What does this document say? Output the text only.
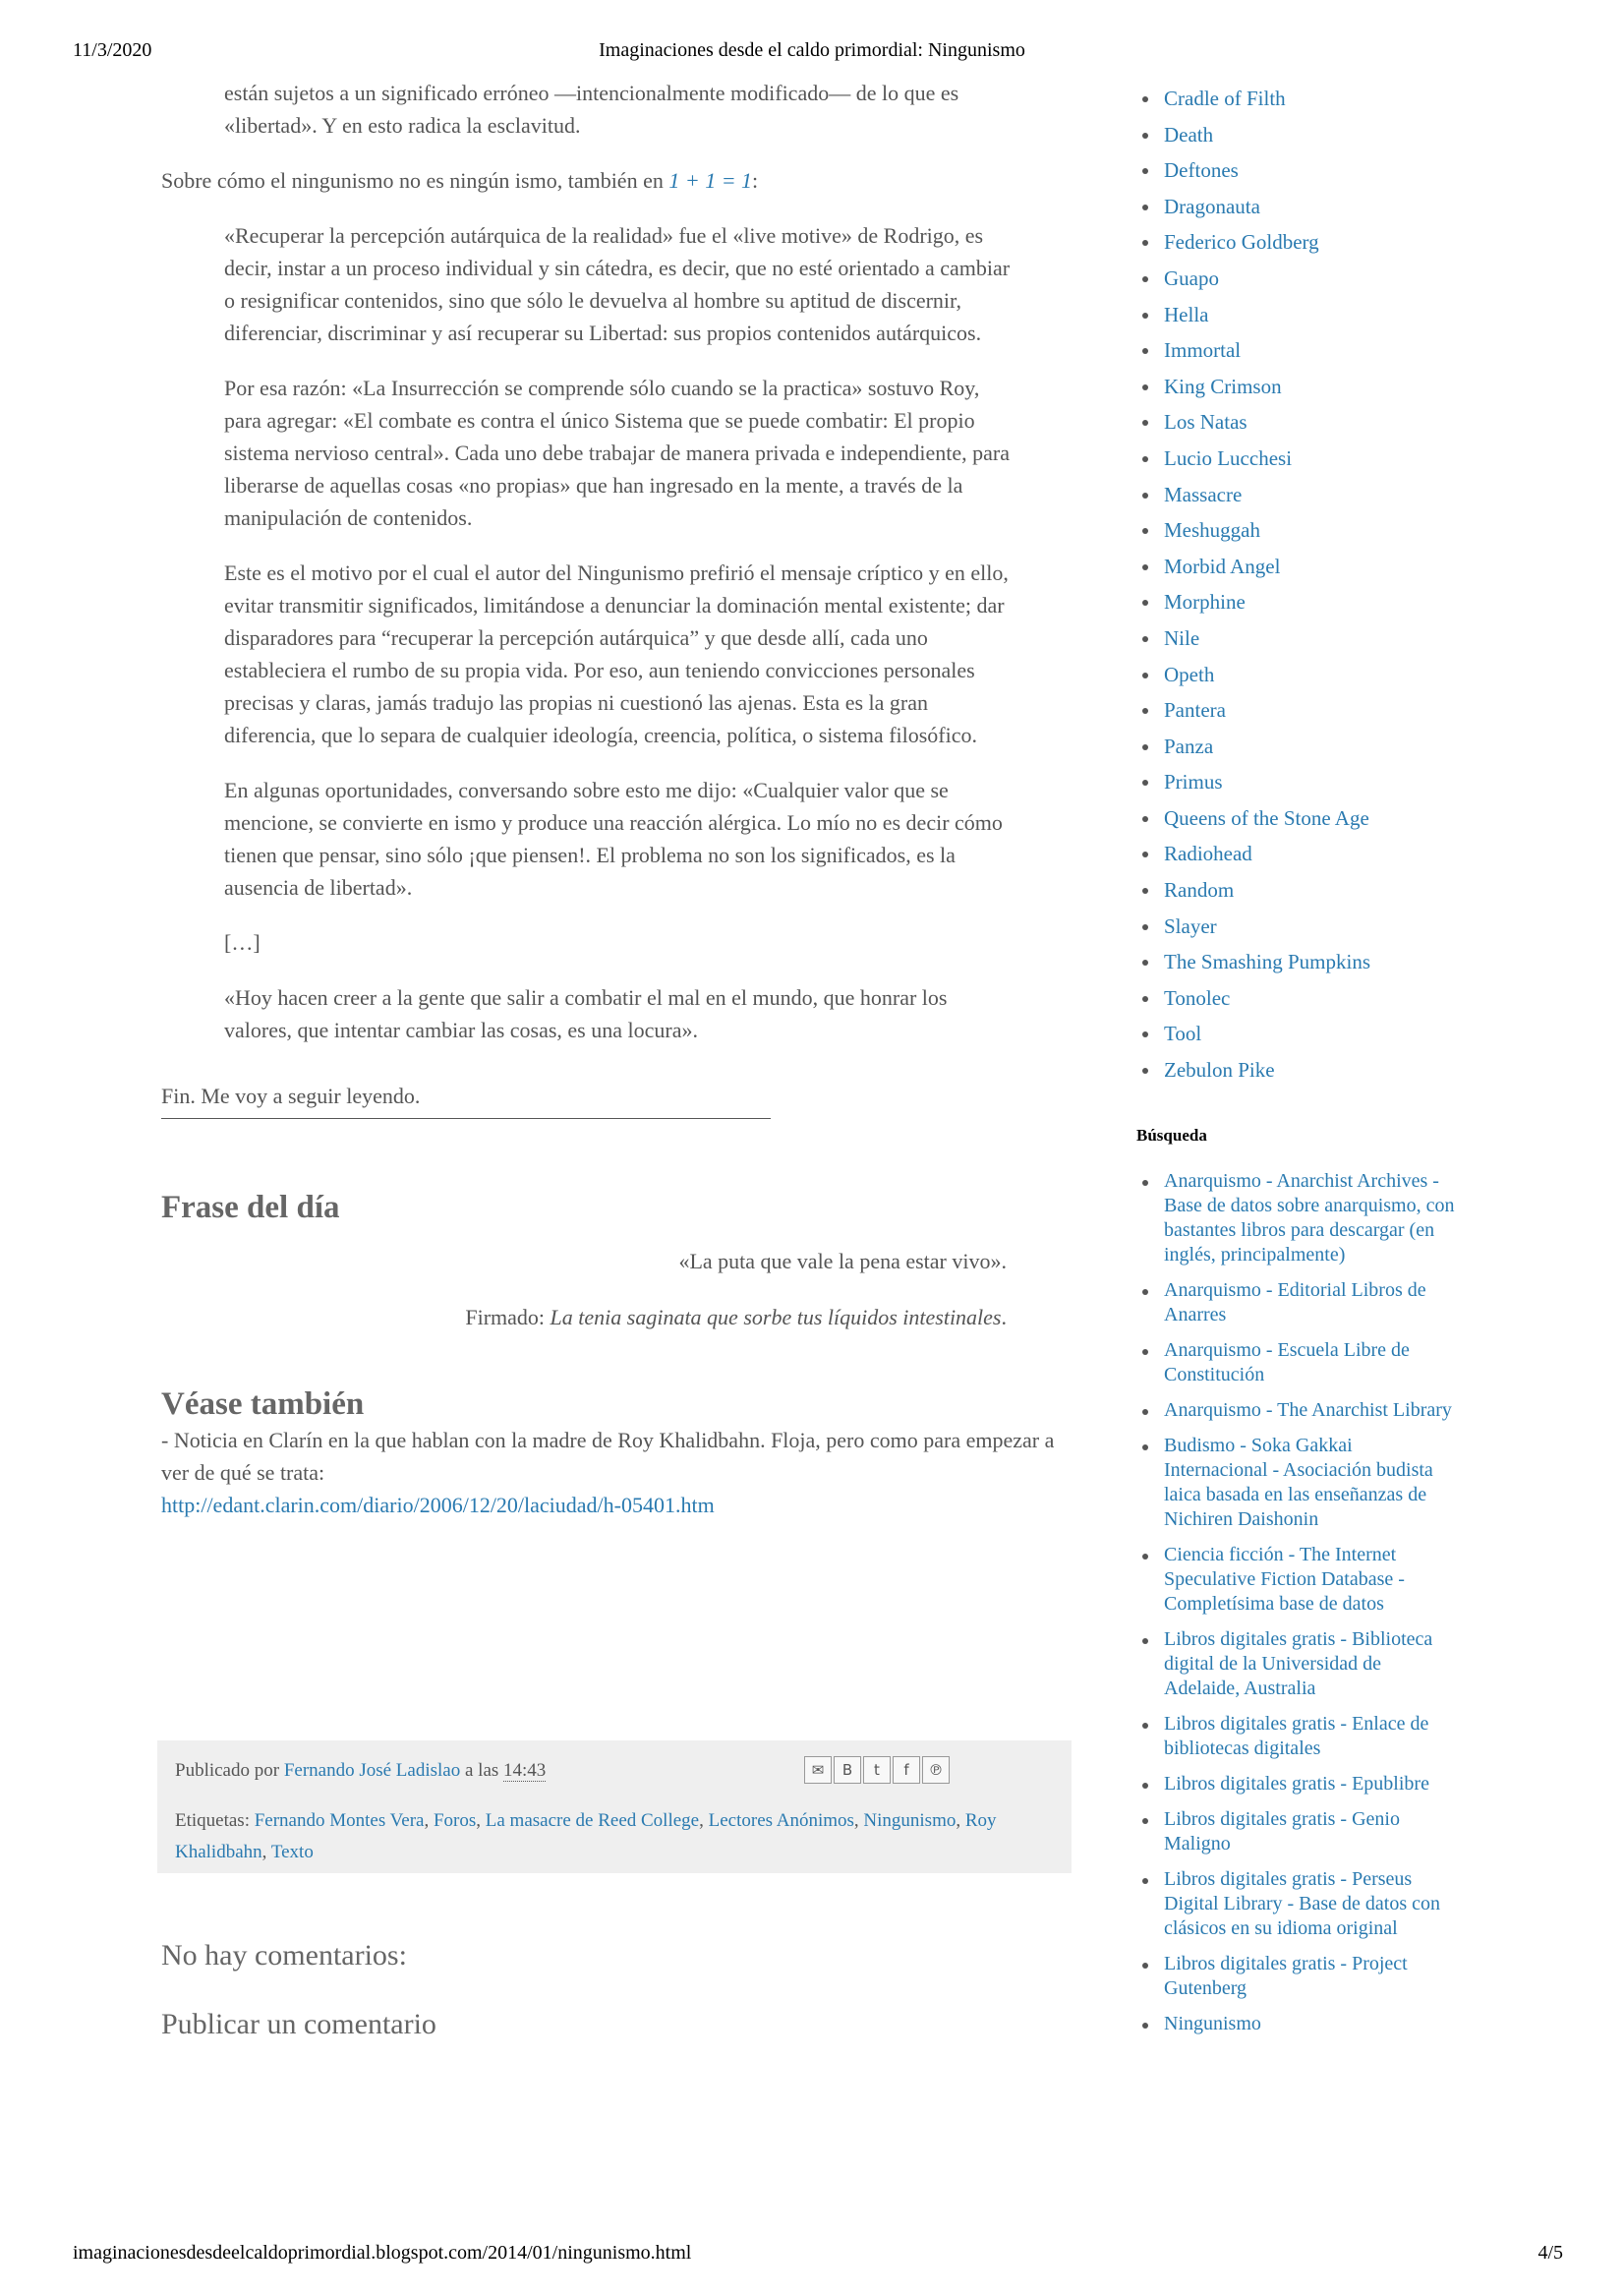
11/3/2020	Imaginaciones desde el caldo primordial: Ningunismo
están sujetos a un significado erróneo —intencionalmente modificado— de lo que es «libertad». Y en esto radica la esclavitud.

Sobre cómo el ningunismo no es ningún ismo, también en 1 + 1 = 1:

«Recuperar la percepción autárquica de la realidad» fue el «live motive» de Rodrigo, es decir, instar a un proceso individual y sin cátedra, es decir, que no esté orientado a cambiar o resignificar contenidos, sino que sólo le devuelva al hombre su aptitud de discernir, diferenciar, discriminar y así recuperar su Libertad: sus propios contenidos autárquicos.

Por esa razón: «La Insurrección se comprende sólo cuando se la practica» sostuvo Roy, para agregar: «El combate es contra el único Sistema que se puede combatir: El propio sistema nervioso central». Cada uno debe trabajar de manera privada e independiente, para liberarse de aquellas cosas «no propias» que han ingresado en la mente, a través de la manipulación de contenidos.

Este es el motivo por el cual el autor del Ningunismo prefirió el mensaje críptico y en ello, evitar transmitir significados, limitándose a denunciar la dominación mental existente; dar disparadores para “recuperar la percepción autárquica” y que desde allí, cada uno estableciera el rumbo de su propia vida. Por eso, aun teniendo convicciones personales precisas y claras, jamás tradujo las propias ni cuestionó las ajenas. Esta es la gran diferencia, que lo separa de cualquier ideología, creencia, política, o sistema filosófico.

En algunas oportunidades, conversando sobre esto me dijo: «Cualquier valor que se mencione, se convierte en ismo y produce una reacción alérgica. Lo mío no es decir cómo tienen que pensar, sino sólo ¡que piensen!. El problema no son los significados, es la ausencia de libertad».

[…]

«Hoy hacen creer a la gente que salir a combatir el mal en el mundo, que honrar los valores, que intentar cambiar las cosas, es una locura».

Fin. Me voy a seguir leyendo.
Frase del día
«La puta que vale la pena estar vivo».
Firmado: La tenia saginata que sorbe tus líquidos intestinales.
Véase también
- Noticia en Clarín en la que hablan con la madre de Roy Khalidbahn. Floja, pero como para empezar a ver de qué se trata:
http://edant.clarin.com/diario/2006/12/20/laciudad/h-05401.htm
Publicado por Fernando José Ladislao a las 14:43	✉	B	t	f	℗
Etiquetas: Fernando Montes Vera, Foros, La masacre de Reed College, Lectores Anónimos, Ningunismo, Roy Khalidbahn, Texto
No hay comentarios:
Publicar un comentario
Cradle of Filth
Death
Deftones
Dragonauta
Federico Goldberg
Guapo
Hella
Immortal
King Crimson
Los Natas
Lucio Lucchesi
Massacre
Meshuggah
Morbid Angel
Morphine
Nile
Opeth
Pantera
Panza
Primus
Queens of the Stone Age
Radiohead
Random
Slayer
The Smashing Pumpkins
Tonolec
Tool
Zebulon Pike
Búsqueda
Anarquismo - Anarchist Archives - Base de datos sobre anarquismo, con bastantes libros para descargar (en inglés, principalmente)
Anarquismo - Editorial Libros de Anarres
Anarquismo - Escuela Libre de Constitución
Anarquismo - The Anarchist Library
Budismo - Soka Gakkai Internacional - Asociación budista laica basada en las enseñanzas de Nichiren Daishonin
Ciencia ficción - The Internet Speculative Fiction Database - Completísima base de datos
Libros digitales gratis - Biblioteca digital de la Universidad de Adelaide, Australia
Libros digitales gratis - Enlace de bibliotecas digitales
Libros digitales gratis - Epublibre
Libros digitales gratis - Genio Maligno
Libros digitales gratis - Perseus Digital Library - Base de datos con clásicos en su idioma original
Libros digitales gratis - Project Gutenberg
Ningunismo
imaginacionesdesdeelcaldoprimordial.blogspot.com/2014/01/ningunismo.html	4/5
